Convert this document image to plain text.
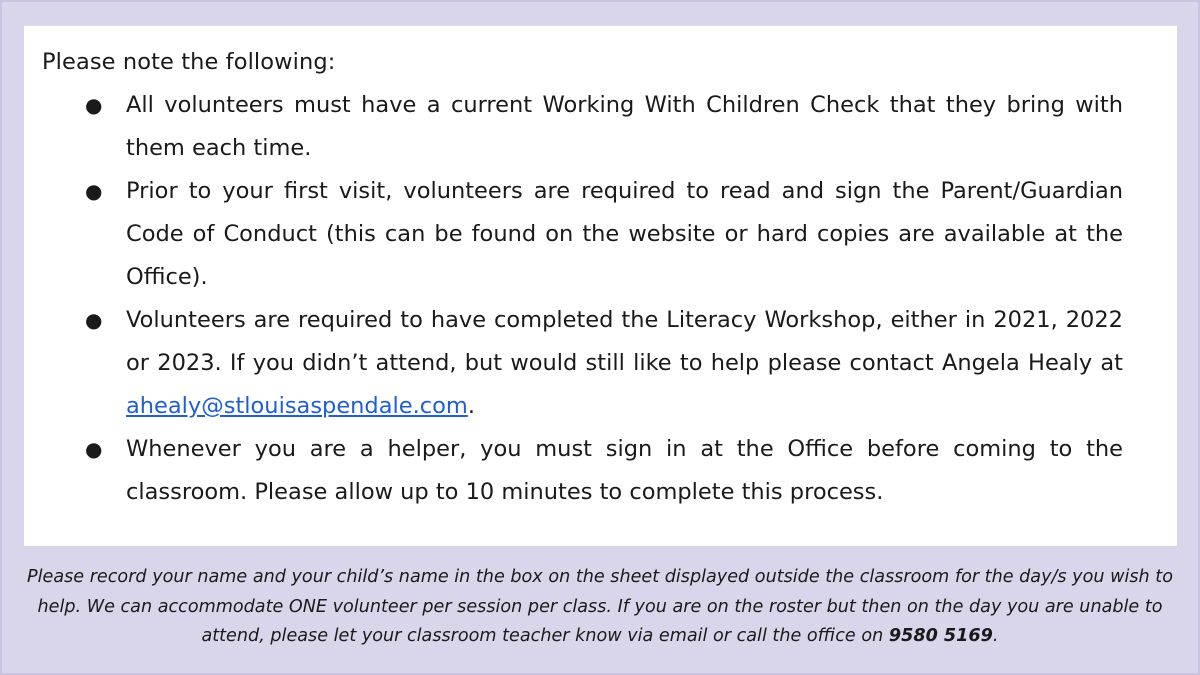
Please note the following:

● All volunteers must have a current Working With Children Check that they bring with them each time.
● Prior to your first visit, volunteers are required to read and sign the Parent/Guardian Code of Conduct (this can be found on the website or hard copies are available at the Office).
● Volunteers are required to have completed the Literacy Workshop, either in 2021, 2022 or 2023. If you didn’t attend, but would still like to help please contact Angela Healy at ahealy@stlouisaspendale.com.
● Whenever you are a helper, you must sign in at the Office before coming to the classroom. Please allow up to 10 minutes to complete this process.

Please record your name and your child’s name in the box on the sheet displayed outside the classroom for the day/s you wish to help. We can accommodate ONE volunteer per session per class. If you are on the roster but then on the day you are unable to attend, please let your classroom teacher know via email or call the office on 9580 5169.
